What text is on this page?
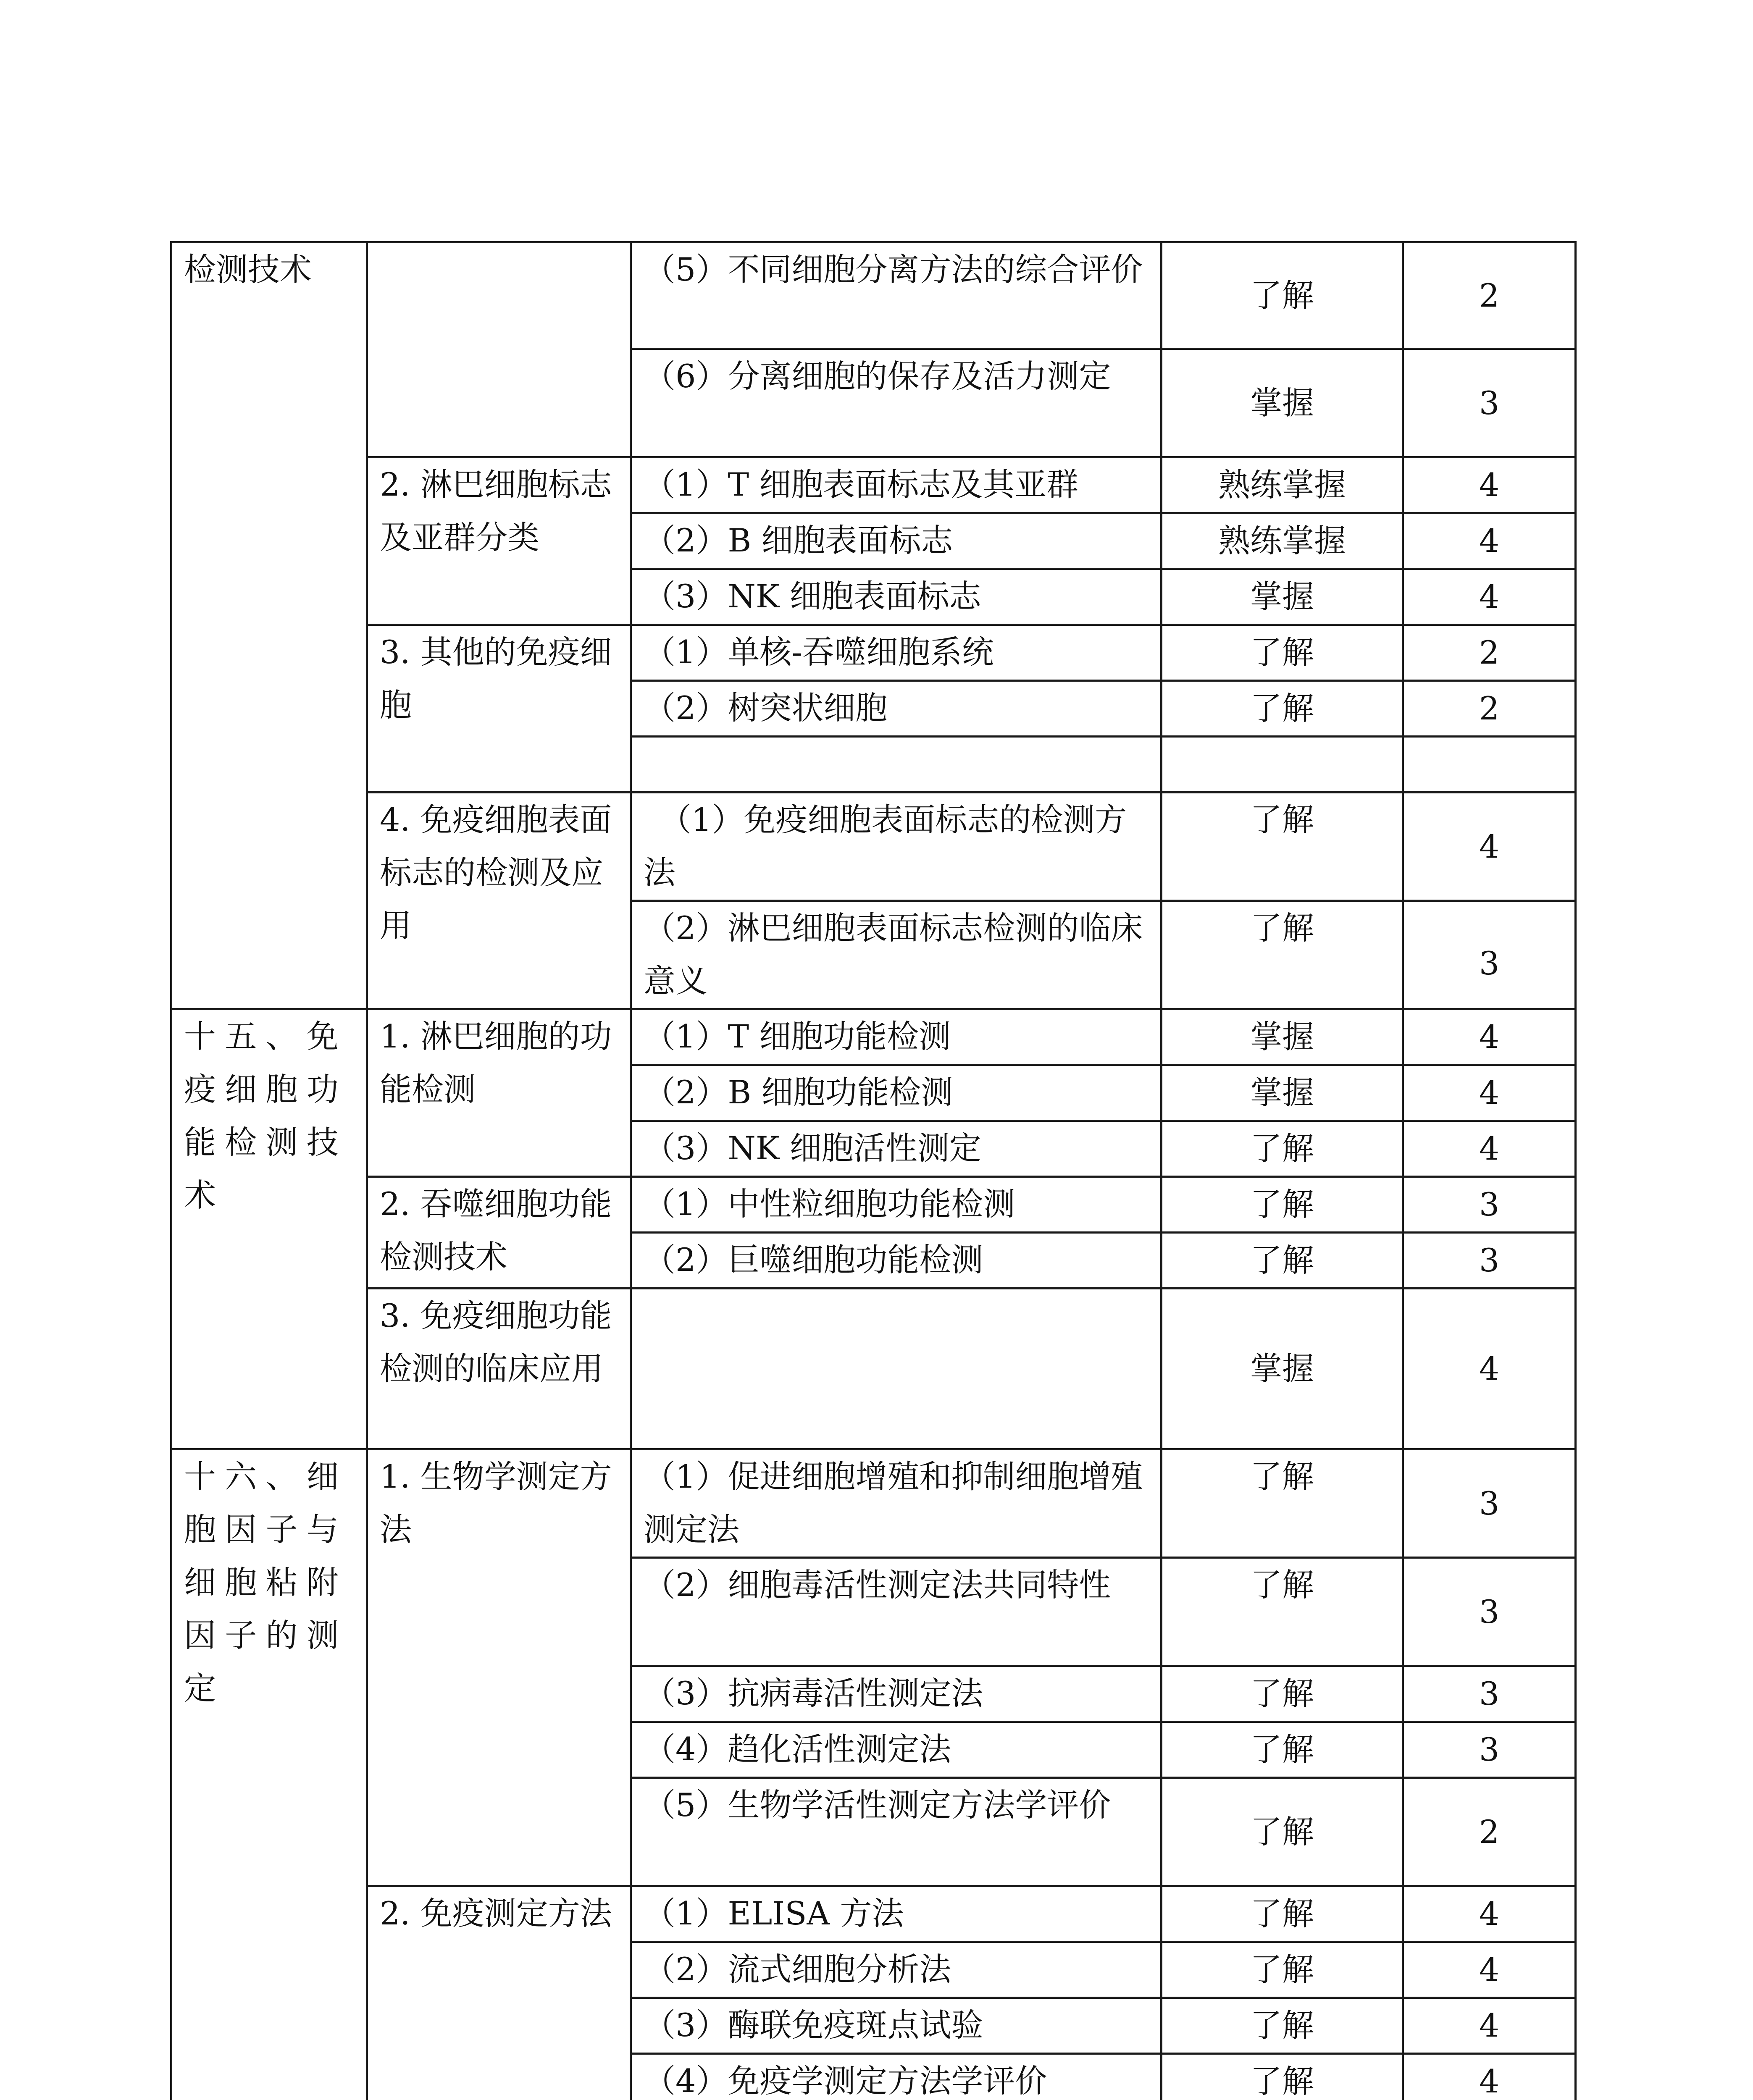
检测技术		（5）不同细胞分离方法的综合评价	了解	2
		（6）分离细胞的保存及活力测定	掌握	3
	2. 淋巴细胞标志及亚群分类	（1）T 细胞表面标志及其亚群	熟练掌握	4
		（2）B 细胞表面标志	熟练掌握	4
		（3）NK 细胞表面标志	掌握	4
	3. 其他的免疫细胞	（1）单核-吞噬细胞系统	了解	2
		（2）树突状细胞	了解	2

	4. 免疫细胞表面标志的检测及应用	（1）免疫细胞表面标志的检测方法	了解	4
		（2）淋巴细胞表面标志检测的临床意义	了解	3
十五、免疫细胞功能检测技术	1. 淋巴细胞的功能检测	（1）T 细胞功能检测	掌握	4
		（2）B 细胞功能检测	掌握	4
		（3）NK 细胞活性测定	了解	4
	2. 吞噬细胞功能检测技术	（1）中性粒细胞功能检测	了解	3
		（2）巨噬细胞功能检测	了解	3
	3. 免疫细胞功能检测的临床应用		掌握	4
十六、细胞因子与细胞粘附因子的测定	1. 生物学测定方法	（1）促进细胞增殖和抑制细胞增殖测定法	了解	3
		（2）细胞毒活性测定法共同特性	了解	3
		（3）抗病毒活性测定法	了解	3
		（4）趋化活性测定法	了解	3
		（5）生物学活性测定方法学评价	了解	2
	2. 免疫测定方法	（1）ELISA 方法	了解	4
		（2）流式细胞分析法	了解	4
		（3）酶联免疫斑点试验	了解	4
		（4）免疫学测定方法学评价	了解	4
